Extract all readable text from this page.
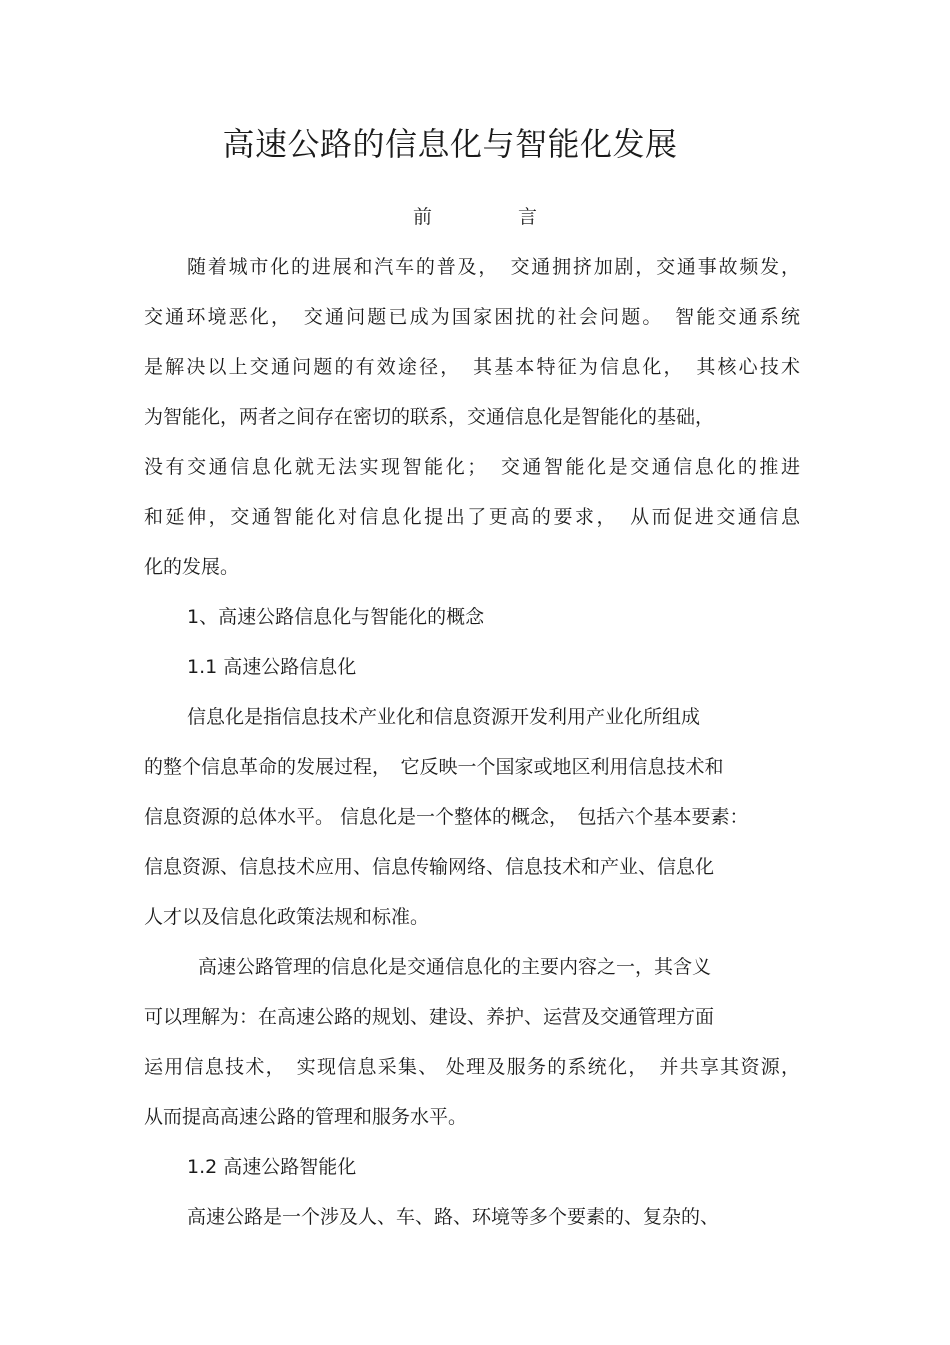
高速公路的信息化与智能化发展
前 言
随着城市化的进展和汽车的普及，　交通拥挤加剧，交通事故频发，
交通环境恶化，　交通问题已成为国家困扰的社会问题。　智能交通系统
是解决以上交通问题的有效途径，　其基本特征为信息化，　其核心技术
为智能化，两者之间存在密切的联系，交通信息化是智能化的基础，
没有交通信息化就无法实现智能化；　交通智能化是交通信息化的推进
和延伸，交通智能化对信息化提出了更高的要求，　从而促进交通信息
化的发展。
1、高速公路信息化与智能化的概念
1.1 高速公路信息化
信息化是指信息技术产业化和信息资源开发利用产业化所组成
的整个信息革命的发展过程，　它反映一个国家或地区利用信息技术和
信息资源的总体水平。 信息化是一个整体的概念，　包括六个基本要素：
信息资源、信息技术应用、信息传输网络、信息技术和产业、信息化
人才以及信息化政策法规和标准。
高速公路管理的信息化是交通信息化的主要内容之一，其含义
可以理解为：在高速公路的规划、建设、养护、运营及交通管理方面
运用信息技术，　实现信息采集、 处理及服务的系统化，　并共享其资源，
从而提高高速公路的管理和服务水平。
1.2 高速公路智能化
高速公路是一个涉及人、车、路、环境等多个要素的、复杂的、
